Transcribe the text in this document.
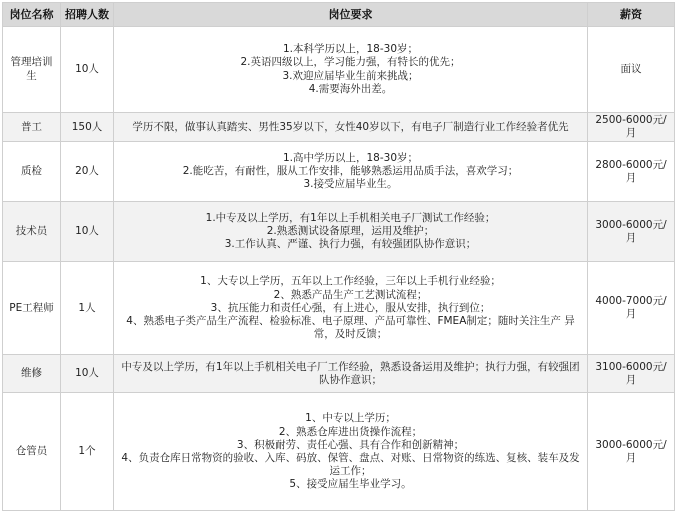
岗位名称	招聘人数	岗位要求	薪资
管理培训生	10人	1.本科学历以上，18-30岁；
2.英语四级以上，学习能力强，有特长的优先；
3.欢迎应届毕业生前来挑战；
4.需要海外出差。	面议
普工	150人	学历不限，做事认真踏实、男性35岁以下，女性40岁以下，有电子厂制造行业工作经验者优先	2500-6000元/月
质检	20人	1.高中学历以上，18-30岁；
2.能吃苦，有耐性，服从工作安排，能够熟悉运用品质手法，喜欢学习；
3.接受应届毕业生。	2800-6000元/月
技术员	10人	1.中专及以上学历，有1年以上手机相关电子厂测试工作经验；
2.熟悉测试设备原理，运用及维护；
3.工作认真、严谨、执行力强，有较强团队协作意识；	3000-6000元/月
PE工程师	1人	1、大专以上学历，五年以上工作经验，三年以上手机行业经验；
2、熟悉产品生产工艺测试流程；
3、抗压能力和责任心强，有上进心，服从安排，执行到位；
4、熟悉电子类产品生产流程、检验标准、电子原理、产品可靠性、FMEA制定；随时关注生产 异常，及时反馈；	4000-7000元/月
维修	10人	中专及以上学历，有1年以上手机相关电子厂工作经验，熟悉设备运用及维护；执行力强，有较强团队协作意识；	3100-6000元/月
仓管员	1个	1、中专以上学历；
2、熟悉仓库进出货操作流程；
3、积极耐劳、责任心强、具有合作和创新精神；
4、负责仓库日常物资的验收、入库、码放、保管、盘点、对账、日常物资的练选、复核、装车及发运工作；
5、接受应届生毕业学习。	3000-6000元/月
